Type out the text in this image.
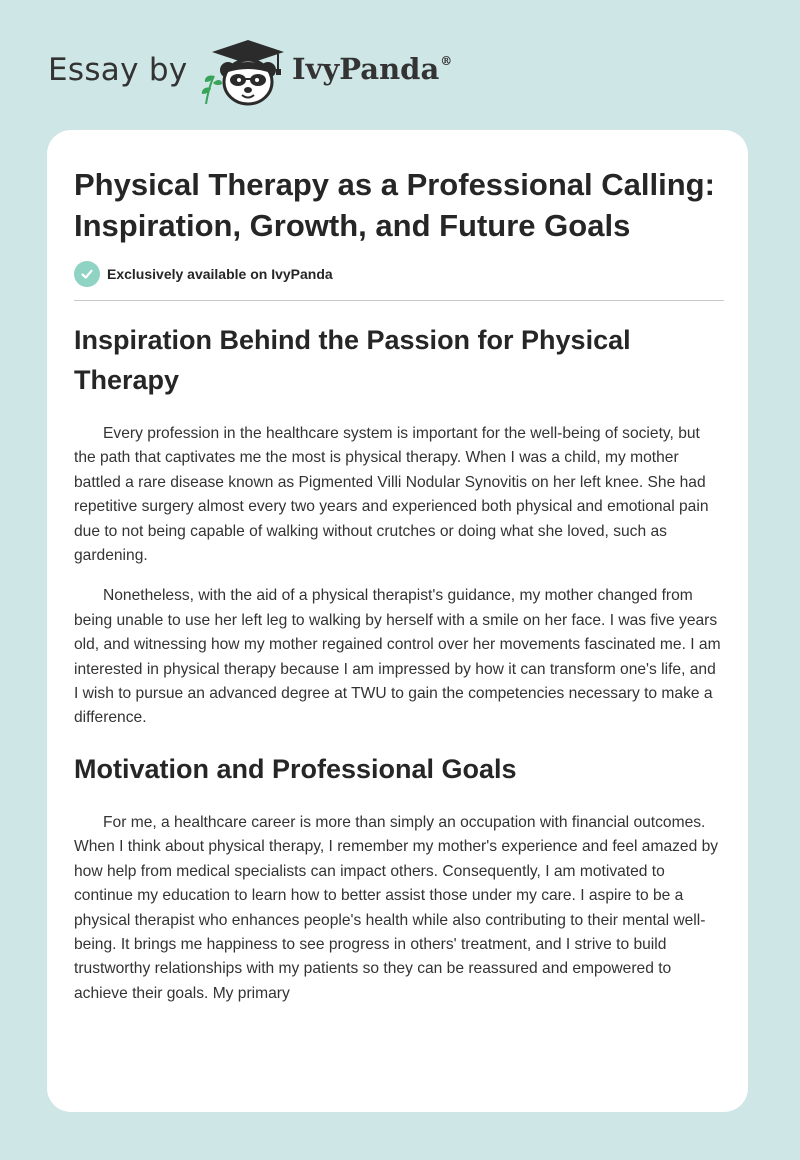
Essay by	IvyPanda®
Physical Therapy as a Professional Calling: Inspiration, Growth, and Future Goals
Exclusively available on IvyPanda
Inspiration Behind the Passion for Physical Therapy

Every profession in the healthcare system is important for the well-being of society, but the path that captivates me the most is physical therapy. When I was a child, my mother battled a rare disease known as Pigmented Villi Nodular Synovitis on her left knee. She had repetitive surgery almost every two years and experienced both physical and emotional pain due to not being capable of walking without crutches or doing what she loved, such as gardening.

Nonetheless, with the aid of a physical therapist's guidance, my mother changed from being unable to use her left leg to walking by herself with a smile on her face. I was five years old, and witnessing how my mother regained control over her movements fascinated me. I am interested in physical therapy because I am impressed by how it can transform one's life, and I wish to pursue an advanced degree at TWU to gain the competencies necessary to make a difference.

Motivation and Professional Goals

For me, a healthcare career is more than simply an occupation with financial outcomes. When I think about physical therapy, I remember my mother's experience and feel amazed by how help from medical specialists can impact others. Consequently, I am motivated to continue my education to learn how to better assist those under my care. I aspire to be a physical therapist who enhances people's health while also contributing to their mental well-being. It brings me happiness to see progress in others' treatment, and I strive to build trustworthy relationships with my patients so they can be reassured and empowered to achieve their goals. My primary
